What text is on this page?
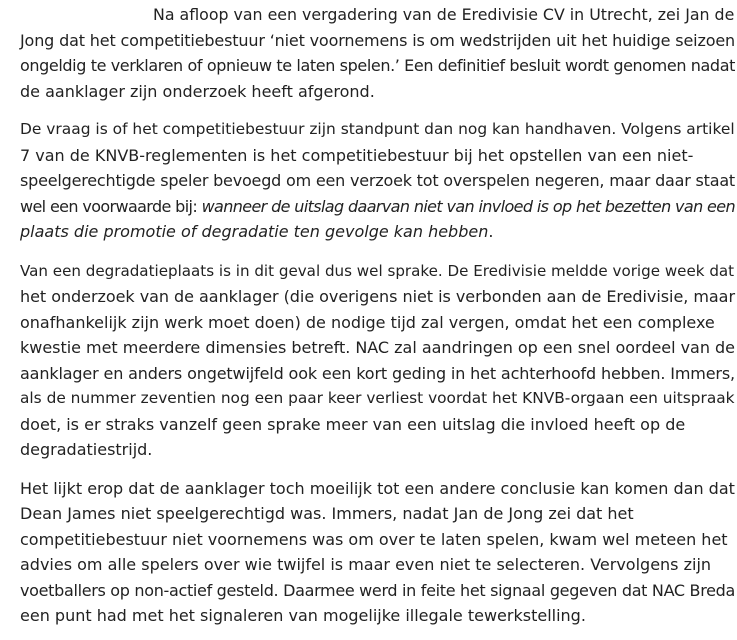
Na afloop van een vergadering van de Eredivisie CV in Utrecht, zei Jan de
Jong dat het competitiebestuur ‘niet voornemens is om wedstrijden uit het huidige seizoen
ongeldig te verklaren of opnieuw te laten spelen.’ Een definitief besluit wordt genomen nadat
de aanklager zijn onderzoek heeft afgerond.

De vraag is of het competitiebestuur zijn standpunt dan nog kan handhaven. Volgens artikel
7 van de KNVB-reglementen is het competitiebestuur bij het opstellen van een niet-
speelgerechtigde speler bevoegd om een verzoek tot overspelen negeren, maar daar staat
wel een voorwaarde bij: wanneer de uitslag daarvan niet van invloed is op het bezetten van een
plaats die promotie of degradatie ten gevolge kan hebben.

Van een degradatieplaats is in dit geval dus wel sprake. De Eredivisie meldde vorige week dat
het onderzoek van de aanklager (die overigens niet is verbonden aan de Eredivisie, maar
onafhankelijk zijn werk moet doen) de nodige tijd zal vergen, omdat het een complexe
kwestie met meerdere dimensies betreft. NAC zal aandringen op een snel oordeel van de
aanklager en anders ongetwijfeld ook een kort geding in het achterhoofd hebben. Immers,
als de nummer zeventien nog een paar keer verliest voordat het KNVB-orgaan een uitspraak
doet, is er straks vanzelf geen sprake meer van een uitslag die invloed heeft op de
degradatiestrijd.

Het lijkt erop dat de aanklager toch moeilijk tot een andere conclusie kan komen dan dat
Dean James niet speelgerechtigd was. Immers, nadat Jan de Jong zei dat het
competitiebestuur niet voornemens was om over te laten spelen, kwam wel meteen het
advies om alle spelers over wie twijfel is maar even niet te selecteren. Vervolgens zijn
voetballers op non-actief gesteld. Daarmee werd in feite het signaal gegeven dat NAC Breda
een punt had met het signaleren van mogelijke illegale tewerkstelling.
